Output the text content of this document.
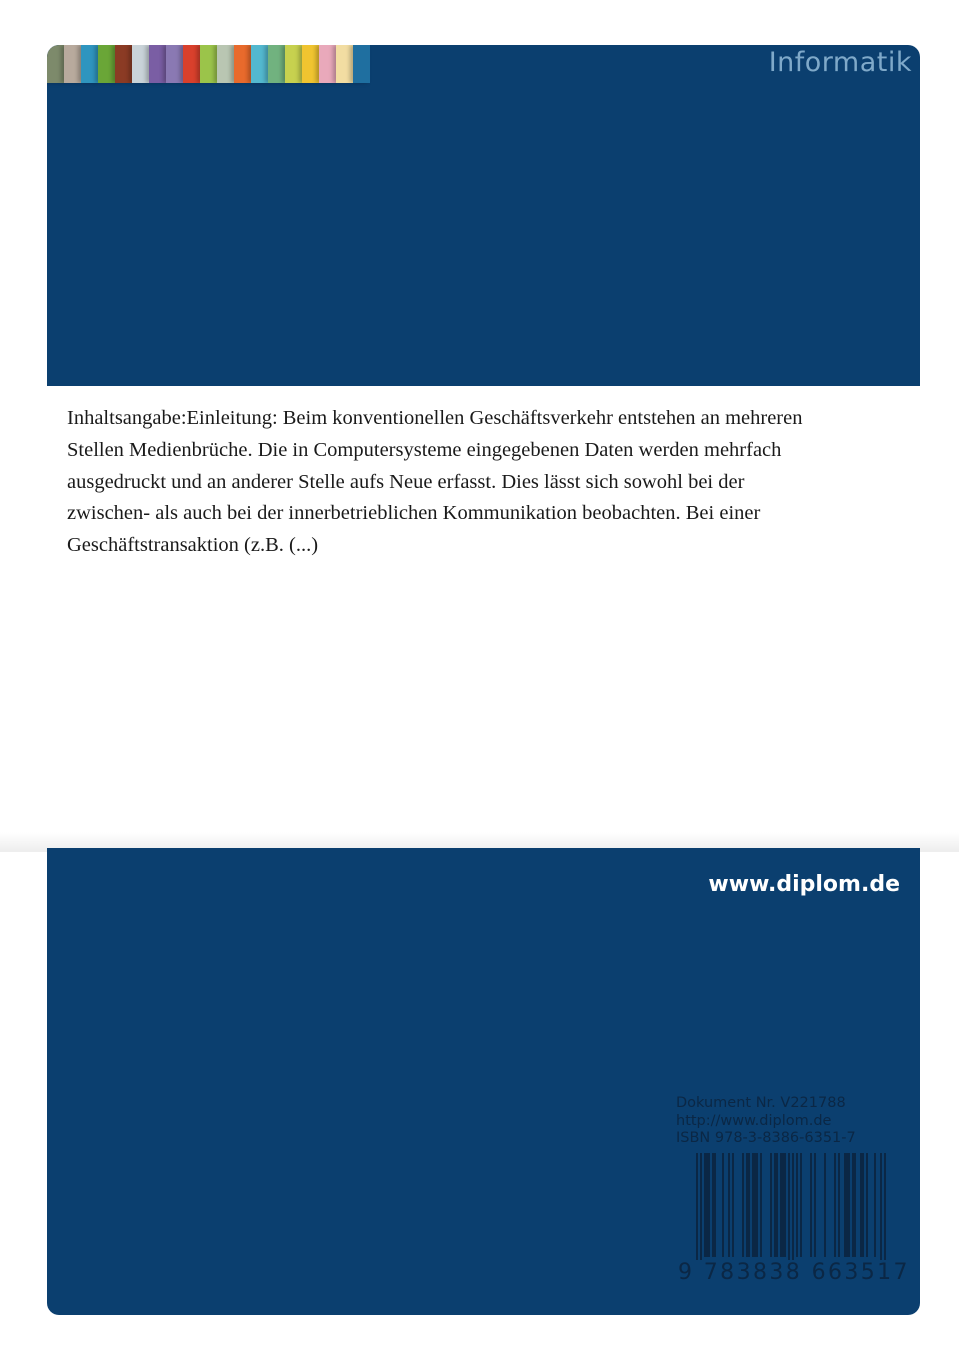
Informatik

Inhaltsangabe:Einleitung: Beim konventionellen Geschäftsverkehr entstehen an mehreren Stellen Medienbrüche. Die in Computersysteme eingegebenen Daten werden mehrfach ausgedruckt und an anderer Stelle aufs Neue erfasst. Dies lässt sich sowohl bei der zwischen- als auch bei der innerbetrieblichen Kommunikation beobachten. Bei einer Geschäftstransaktion (z.B. (...)

www.diplom.de
Dokument Nr. V221788
http://www.diplom.de
ISBN 978-3-8386-6351-7
9 783838 663517
